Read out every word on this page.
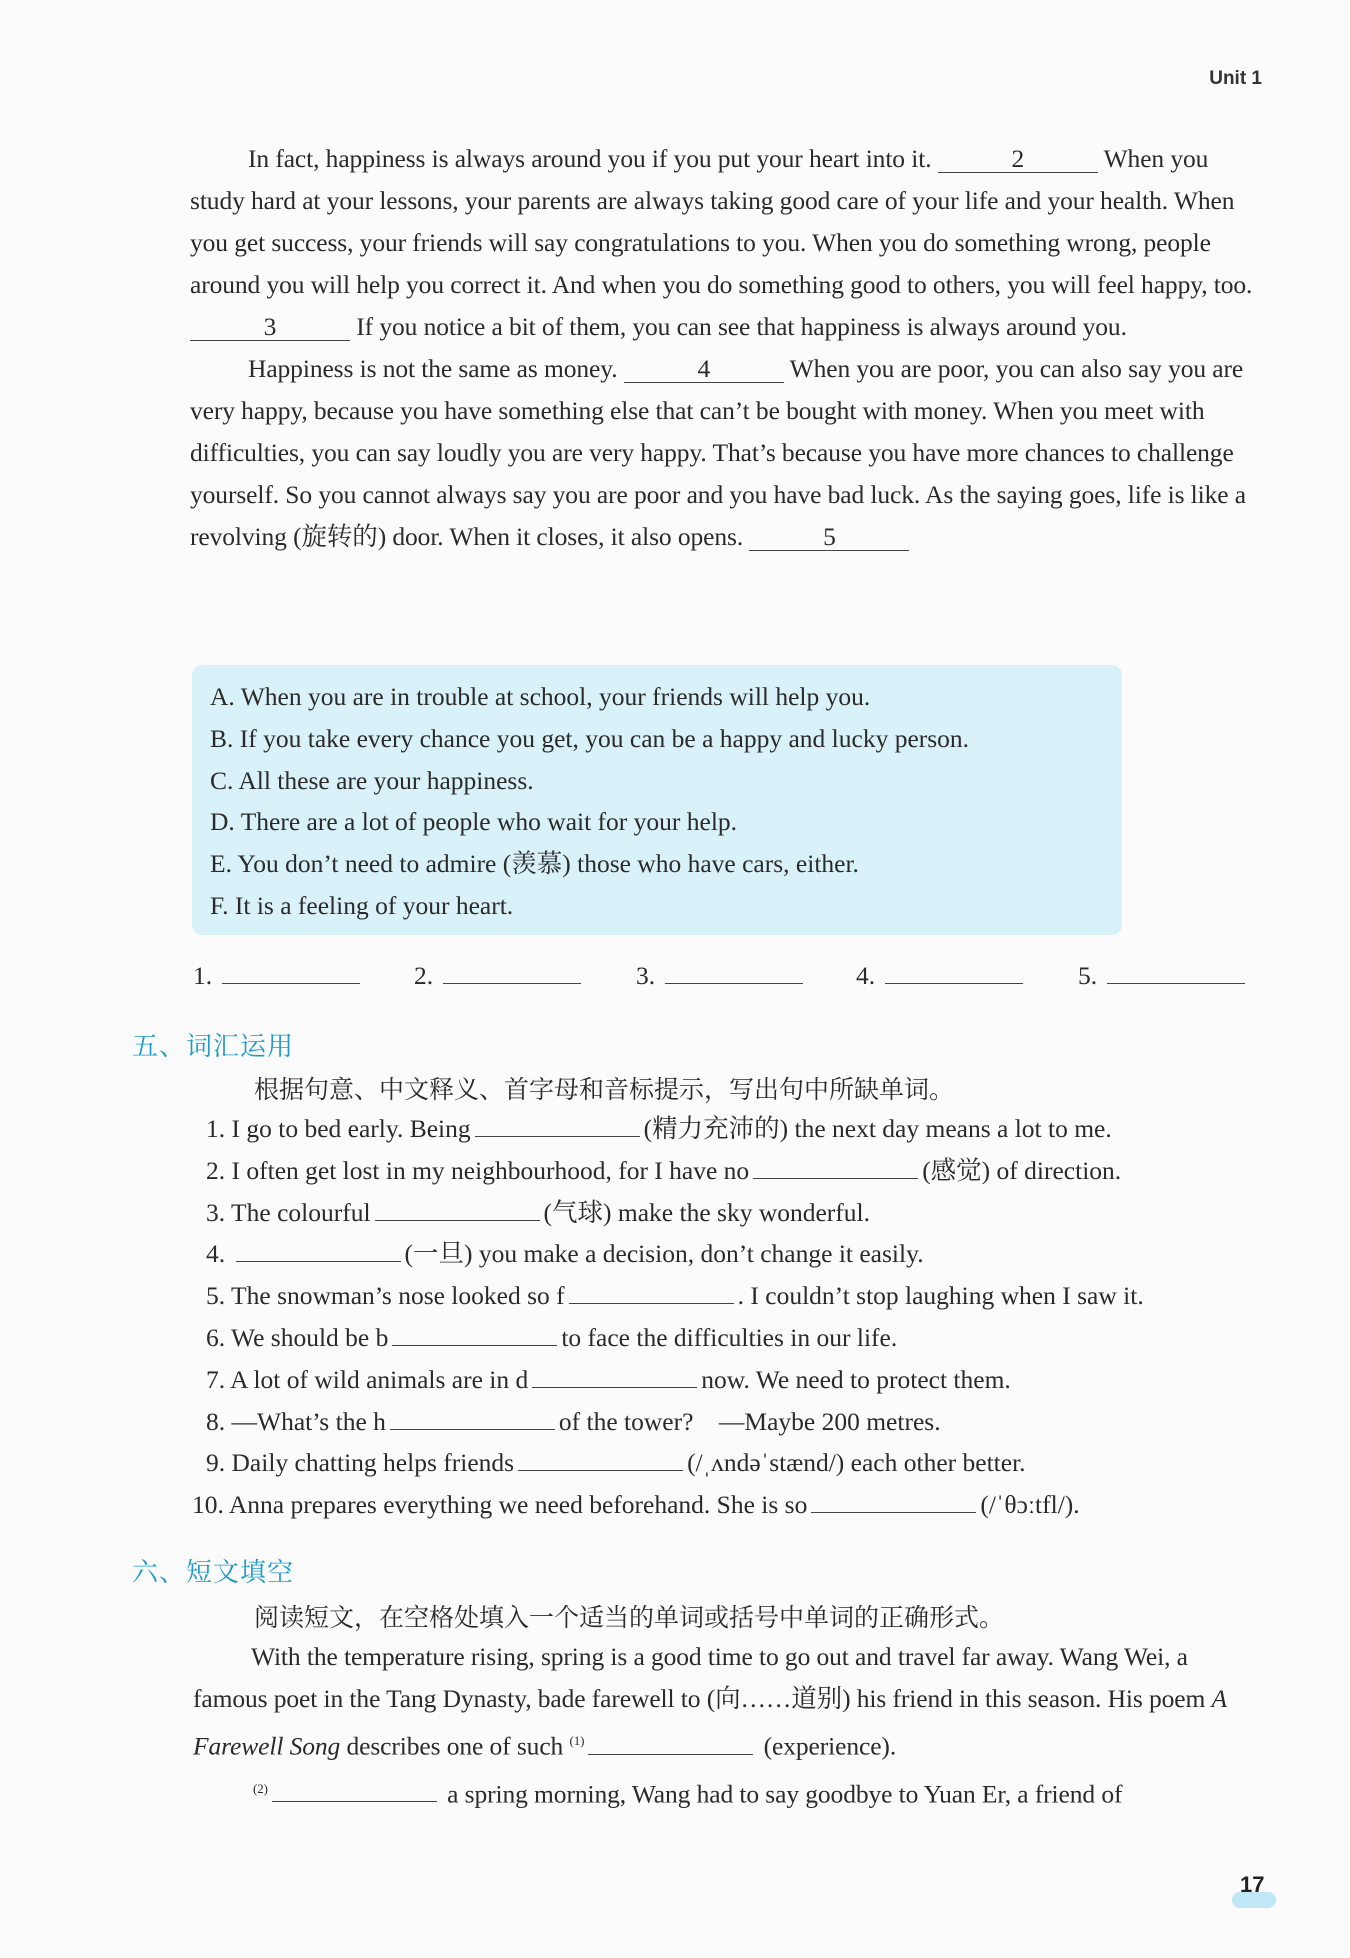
Unit 1

In fact, happiness is always around you if you put your heart into it.	2	When you study hard at your lessons, your parents are always taking good care of your life and your health. When you get success, your friends will say congratulations to you. When you do something wrong, people around you will help you correct it. And when you do something good to others, you will feel happy, too. 3	If you notice a bit of them, you can see that happiness is always around you.

Happiness is not the same as money.	4	When you are poor, you can also say you are very happy, because you have something else that can’t be bought with money. When you meet with difficulties, you can say loudly you are very happy. That’s because you have more chances to challenge yourself. So you cannot always say you are poor and you have bad luck. As the saying goes, life is like a revolving (旋转的) door. When it closes, it also opens.	5

A. When you are in trouble at school, your friends will help you.
B. If you take every chance you get, you can be a happy and lucky person.
C. All these are your happiness.
D. There are a lot of people who wait for your help.
E. You don’t need to admire (羡慕) those who have cars, either.
F. It is a feeling of your heart.
1.	2.	3.	4.	5.
五、词汇运用
根据句意、中文释义、首字母和音标提示，写出句中所缺单词。
1. I go to bed early. Being	(精力充沛的) the next day means a lot to me.
2. I often get lost in my neighbourhood, for I have no	(感觉) of direction.
3. The colourful	(气球) make the sky wonderful.
4.	(一旦) you make a decision, don’t change it easily.
5. The snowman’s nose looked so f	. I couldn’t stop laughing when I saw it.
6. We should be b	to face the difficulties in our life.
7. A lot of wild animals are in d	now. We need to protect them.
8. —What’s the h	of the tower?　—Maybe 200 metres.
9. Daily chatting helps friends	(/ˌʌndəˈstænd/) each other better.
10. Anna prepares everything we need beforehand. She is so	(/ˈθɔːtfl/).
六、短文填空
阅读短文，在空格处填入一个适当的单词或括号中单词的正确形式。

With the temperature rising, spring is a good time to go out and travel far away. Wang Wei, a famous poet in the Tang Dynasty, bade farewell to (向……道别) his friend in this season. His poem A Farewell Song describes one of such $^{(1)}$	(experience).

$^{(2)}$	a spring morning, Wang had to say goodbye to Yuan Er, a friend of

17
